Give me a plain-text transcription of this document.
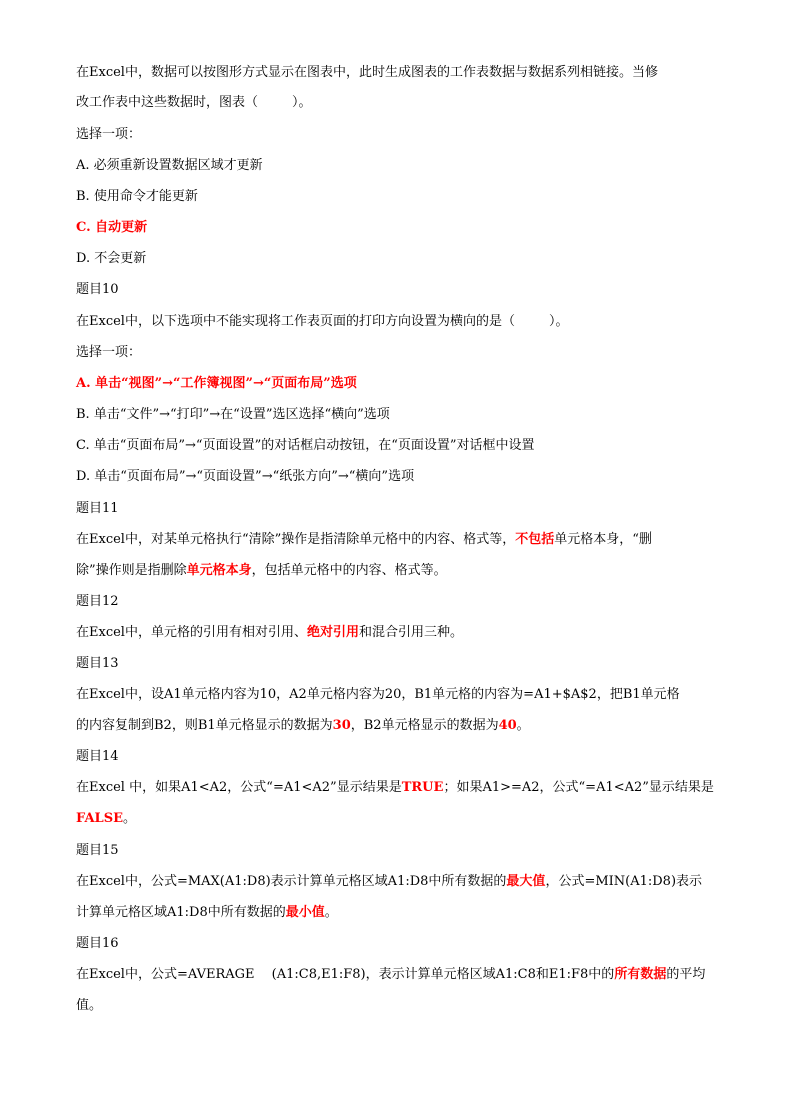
在Excel中，数据可以按图形方式显示在图表中，此时生成图表的工作表数据与数据系列相链接。当修
改工作表中这些数据时，图表（	）。
选择一项：
A. 必须重新设置数据区域才更新
B. 使用命令才能更新
C. 自动更新
D. 不会更新
题目10
在Excel中，以下选项中不能实现将工作表页面的打印方向设置为横向的是（	）。
选择一项：
A. 单击“视图”→“工作簿视图”→“页面布局”选项
B. 单击“文件”→“打印”→在“设置”选区选择“横向”选项
C. 单击“页面布局”→“页面设置”的对话框启动按钮，在“页面设置”对话框中设置
D. 单击“页面布局”→“页面设置”→“纸张方向”→“横向”选项
题目11
在Excel中，对某单元格执行“清除”操作是指清除单元格中的内容、格式等，不包括单元格本身，“删
除”操作则是指删除单元格本身，包括单元格中的内容、格式等。
题目12
在Excel中，单元格的引用有相对引用、绝对引用和混合引用三种。
题目13
在Excel中，设A1单元格内容为10，A2单元格内容为20，B1单元格的内容为=A1+$A$2，把B1单元格
的内容复制到B2，则B1单元格显示的数据为30，B2单元格显示的数据为40。
题目14
在Excel 中，如果A1<A2，公式“=A1<A2”显示结果是TRUE；如果A1>=A2，公式“=A1<A2”显示结果是
FALSE。
题目15
在Excel中，公式=MAX(A1:D8)表示计算单元格区域A1:D8中所有数据的最大值，公式=MIN(A1:D8)表示
计算单元格区域A1:D8中所有数据的最小值。
题目16
在Excel中，公式=AVERAGE　 (A1:C8,E1:F8)，表示计算单元格区域A1:C8和E1:F8中的所有数据的平均
值。
